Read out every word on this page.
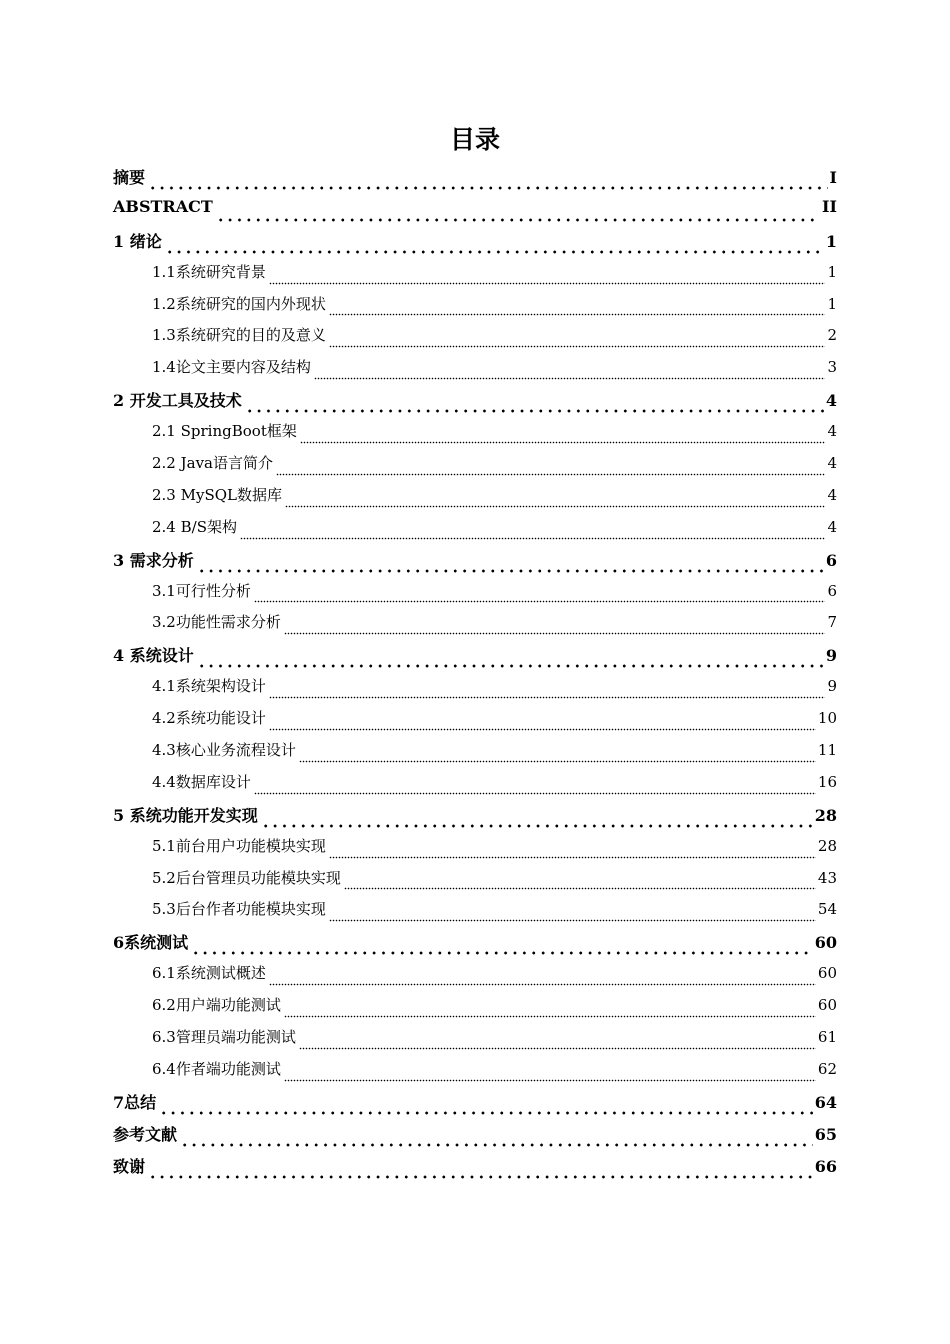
目录
摘要	I
ABSTRACT	II
1 绪论	1
1.1系统研究背景	1
1.2系统研究的国内外现状	1
1.3系统研究的目的及意义	2
1.4论文主要内容及结构	3
2 开发工具及技术	4
2.1 SpringBoot框架	4
2.2 Java语言简介	4
2.3 MySQL数据库	4
2.4 B/S架构	4
3 需求分析	6
3.1可行性分析	6
3.2功能性需求分析	7
4 系统设计	9
4.1系统架构设计	9
4.2系统功能设计	10
4.3核心业务流程设计	11
4.4数据库设计	16
5 系统功能开发实现	28
5.1前台用户功能模块实现	28
5.2后台管理员功能模块实现	43
5.3后台作者功能模块实现	54
6系统测试	60
6.1系统测试概述	60
6.2用户端功能测试	60
6.3管理员端功能测试	61
6.4作者端功能测试	62
7总结	64
参考文献	65
致谢	66
